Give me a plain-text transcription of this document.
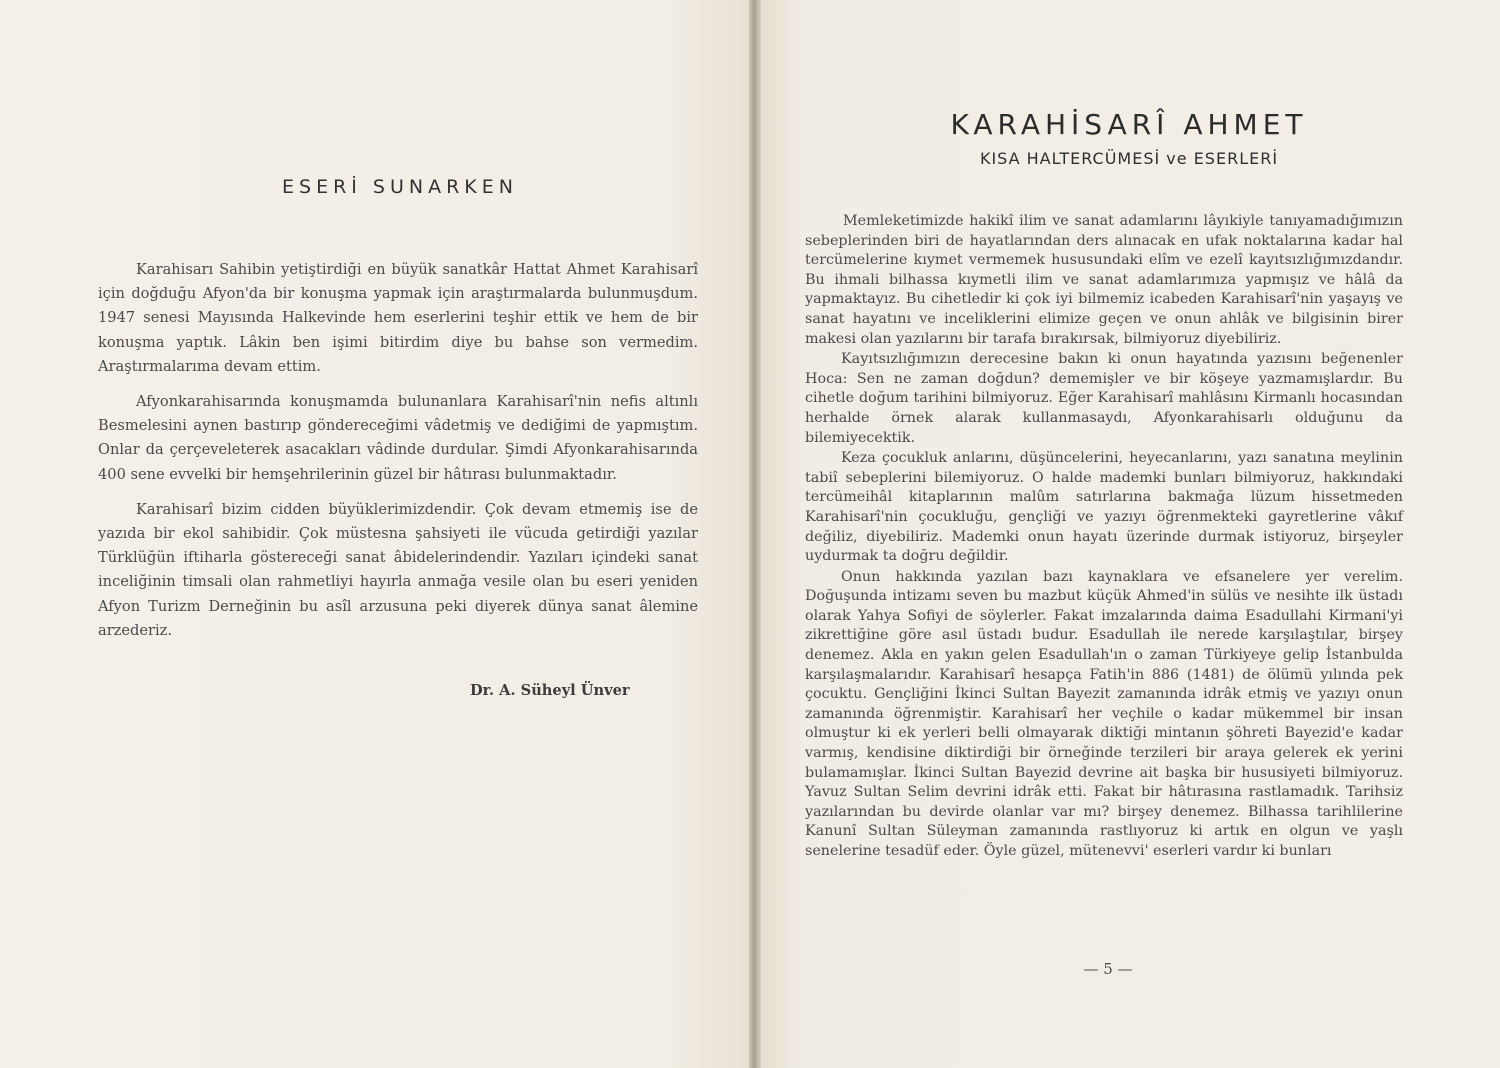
ESERİ SUNARKEN

Karahisarı Sahibin yetiştirdiği en büyük sanatkâr Hattat Ahmet Karahisarî için doğduğu Afyon'da bir konuşma yapmak için araştırmalarda bulunmuşdum. 1947 senesi Mayısında Halkevinde hem eserlerini teşhir ettik ve hem de bir konuşma yaptık. Lâkin ben işimi bitirdim diye bu bahse son vermedim. Araştırmalarıma devam ettim.

Afyonkarahisarında konuşmamda bulunanlara Karahisarî'nin nefis altınlı Besmelesini aynen bastırıp göndereceğimi vâdetmiş ve dediğimi de yapmıştım. Onlar da çerçeveleterek asacakları vâdinde durdular. Şimdi Afyonkarahisarında 400 sene evvelki bir hemşehrilerinin güzel bir hâtırası bulunmaktadır.

Karahisarî bizim cidden büyüklerimizdendir. Çok devam etmemiş ise de yazıda bir ekol sahibidir. Çok müstesna şahsiyeti ile vücuda getirdiği yazılar Türklüğün iftiharla göstereceği sanat âbidelerindendir. Yazıları içindeki sanat inceliğinin timsali olan rahmetliyi hayırla anmağa vesile olan bu eseri yeniden Afyon Turizm Derneğinin bu asîl arzusuna peki diyerek dünya sanat âlemine arzederiz.

Dr. A. Süheyl Ünver
KARAHİSARÎ AHMET
KISA HALTERCÜMESİ ve ESERLERİ

Memleketimizde hakikî ilim ve sanat adamlarını lâyıkiyle tanıyamadığımızın sebeplerinden biri de hayatlarından ders alınacak en ufak noktalarına kadar hal tercümelerine kıymet vermemek hususundaki elîm ve ezelî kayıtsızlığımızdandır. Bu ihmali bilhassa kıymetli ilim ve sanat adamlarımıza yapmışız ve hâlâ da yapmaktayız. Bu cihetledir ki çok iyi bilmemiz icabeden Karahisarî'nin yaşayış ve sanat hayatını ve inceliklerini elimize geçen ve onun ahlâk ve bilgisinin birer makesi olan yazılarını bir tarafa bırakırsak, bilmiyoruz diyebiliriz.

Kayıtsızlığımızın derecesine bakın ki onun hayatında yazısını beğenenler Hoca: Sen ne zaman doğdun? dememişler ve bir köşeye yazmamışlardır. Bu cihetle doğum tarihini bilmiyoruz. Eğer Karahisarî mahlâsını Kirmanlı hocasından herhalde örnek alarak kullanmasaydı, Afyonkarahisarlı olduğunu da bilemiyecektik.

Keza çocukluk anlarını, düşüncelerini, heyecanlarını, yazı sanatına meylinin tabiî sebeplerini bilemiyoruz. O halde mademki bunları bilmiyoruz, hakkındaki tercümeihâl kitaplarının malûm satırlarına bakmağa lüzum hissetmeden Karahisarî'nin çocukluğu, gençliği ve yazıyı öğrenmekteki gayretlerine vâkıf değiliz, diyebiliriz. Mademki onun hayatı üzerinde durmak istiyoruz, birşeyler uydurmak ta doğru değildir.

Onun hakkında yazılan bazı kaynaklara ve efsanelere yer verelim. Doğuşunda intizamı seven bu mazbut küçük Ahmed'in sülüs ve nesihte ilk üstadı olarak Yahya Sofiyi de söylerler. Fakat imzalarında daima Esadullahi Kirmani'yi zikrettiğine göre asıl üstadı budur. Esadullah ile nerede karşılaştılar, birşey denemez. Akla en yakın gelen Esadullah'ın o zaman Türkiyeye gelip İstanbulda karşılaşmalarıdır. Karahisarî hesapça Fatih'in 886 (1481) de ölümü yılında pek çocuktu. Gençliğini İkinci Sultan Bayezit zamanında idrâk etmiş ve yazıyı onun zamanında öğrenmiştir. Karahisarî her veçhile o kadar mükemmel bir insan olmuştur ki ek yerleri belli olmayarak diktiği mintanın şöhreti Bayezid'e kadar varmış, kendisine diktirdiği bir örneğinde terzileri bir araya gelerek ek yerini bulamamışlar. İkinci Sultan Bayezid devrine ait başka bir hususiyeti bilmiyoruz. Yavuz Sultan Selim devrini idrâk etti. Fakat bir hâtırasına rastlamadık. Tarihsiz yazılarından bu devirde olanlar var mı? birşey denemez. Bilhassa tarihlilerine Kanunî Sultan Süleyman zamanında rastlıyoruz ki artık en olgun ve yaşlı senelerine tesadüf eder. Öyle güzel, mütenevvi' eserleri vardır ki bunları

— 5 —
